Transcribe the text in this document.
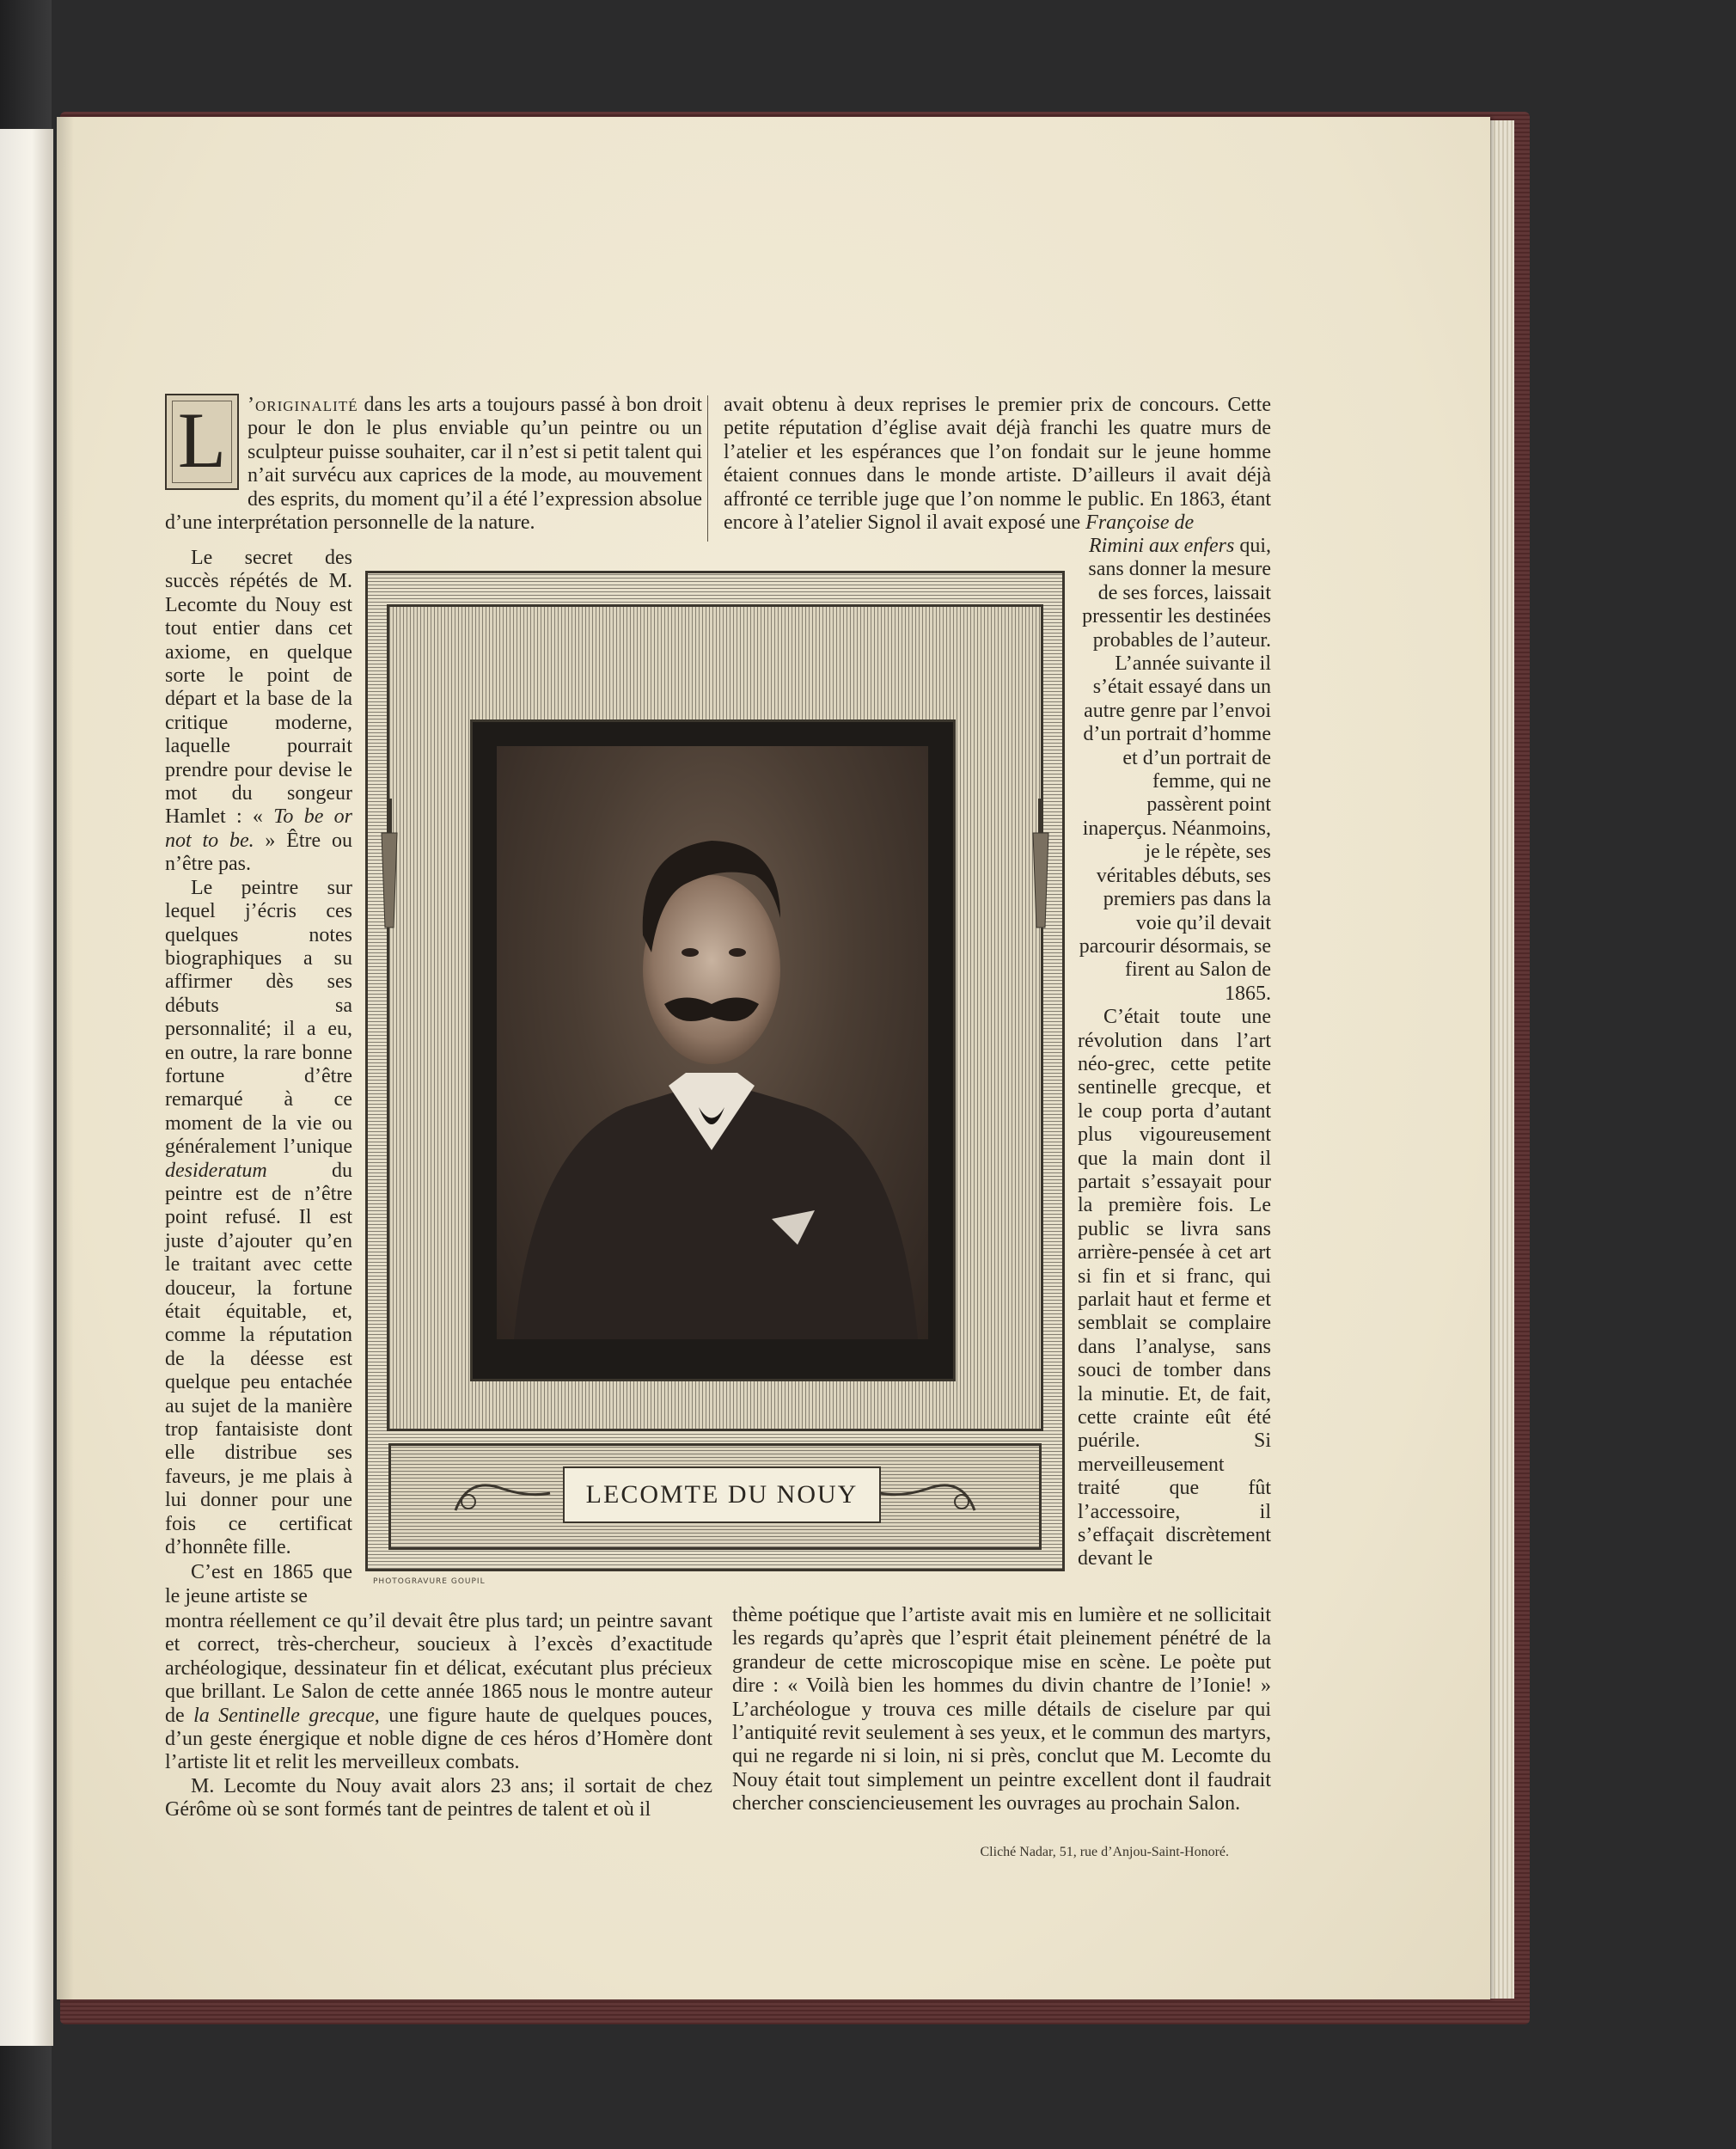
L	’originalité dans les arts a toujours passé à bon droit pour le don le plus enviable qu’un peintre ou un sculpteur puisse souhaiter, car il n’est si petit talent qui n’ait survécu aux caprices de la mode, au mouvement des esprits, du moment qu’il a été l’expression absolue d’une interprétation personnelle de la nature.

Le secret des succès répétés de M. Lecomte du Nouy est tout entier dans cet axiome, en quelque sorte le point de départ et la base de la critique moderne, laquelle pourrait prendre pour devise le mot du songeur Hamlet : « To be or not to be. » Être ou n’être pas.

Le peintre sur lequel j’écris ces quelques notes biographiques a su affirmer dès ses débuts sa personnalité; il a eu, en outre, la rare bonne fortune d’être remarqué à ce moment de la vie ou généralement l’unique desideratum du peintre est de n’être point refusé. Il est juste d’ajouter qu’en le traitant avec cette douceur, la fortune était équitable, et, comme la réputation de la déesse est quelque peu entachée au sujet de la manière trop fantaisiste dont elle distribue ses faveurs, je me plais à lui donner pour une fois ce certificat d’honnête fille.

C’est en 1865 que le jeune artiste se

montra réellement ce qu’il devait être plus tard; un peintre savant et correct, très-chercheur, soucieux à l’excès d’exactitude archéologique, dessinateur fin et délicat, exécutant plus précieux que brillant. Le Salon de cette année 1865 nous le montre auteur de la Sentinelle grecque, une figure haute de quelques pouces, d’un geste énergique et noble digne de ces héros d’Homère dont l’artiste lit et relit les merveilleux combats.

M. Lecomte du Nouy avait alors 23 ans; il sortait de chez Gérôme où se sont formés tant de peintres de talent et où il

avait obtenu à deux reprises le premier prix de concours. Cette petite réputation d’église avait déjà franchi les quatre murs de l’atelier et les espérances que l’on fondait sur le jeune homme étaient connues dans le monde artiste. D’ailleurs il avait déjà affronté ce terrible juge que l’on nomme le public. En 1863, étant encore à l’atelier Signol il avait exposé une Françoise de

Rimini aux enfers qui, sans donner la mesure de ses forces, laissait pressentir les destinées probables de l’auteur. L’année suivante il s’était essayé dans un autre genre par l’envoi d’un portrait d’homme et d’un portrait de femme, qui ne passèrent point inaperçus. Néanmoins, je le répète, ses véritables débuts, ses premiers pas dans la voie qu’il devait parcourir désormais, se firent au Salon de 1865.

C’était toute une révolution dans l’art néo-grec, cette petite sentinelle grecque, et le coup porta d’autant plus vigoureusement que la main dont il partait s’essayait pour la première fois. Le public se livra sans arrière-pensée à cet art si fin et si franc, qui parlait haut et ferme et semblait se complaire dans l’analyse, sans souci de tomber dans la minutie. Et, de fait, cette crainte eût été puérile. Si merveilleusement traité que fût l’accessoire, il s’effaçait discrètement devant le

thème poétique que l’artiste avait mis en lumière et ne sollicitait les regards qu’après que l’esprit était pleinement pénétré de la grandeur de cette microscopique mise en scène. Le poète put dire : « Voilà bien les hommes du divin chantre de l’Ionie! » L’archéologue y trouva ces mille détails de ciselure par qui l’antiquité revit seulement à ses yeux, et le commun des martyrs, qui ne regarde ni si loin, ni si près, conclut que M. Lecomte du Nouy était tout simplement un peintre excellent dont il faudrait chercher consciencieusement les ouvrages au prochain Salon.

LECOMTE DU NOUY
PHOTOGRAVURE GOUPIL
Cliché Nadar, 51, rue d’Anjou-Saint-Honoré.
